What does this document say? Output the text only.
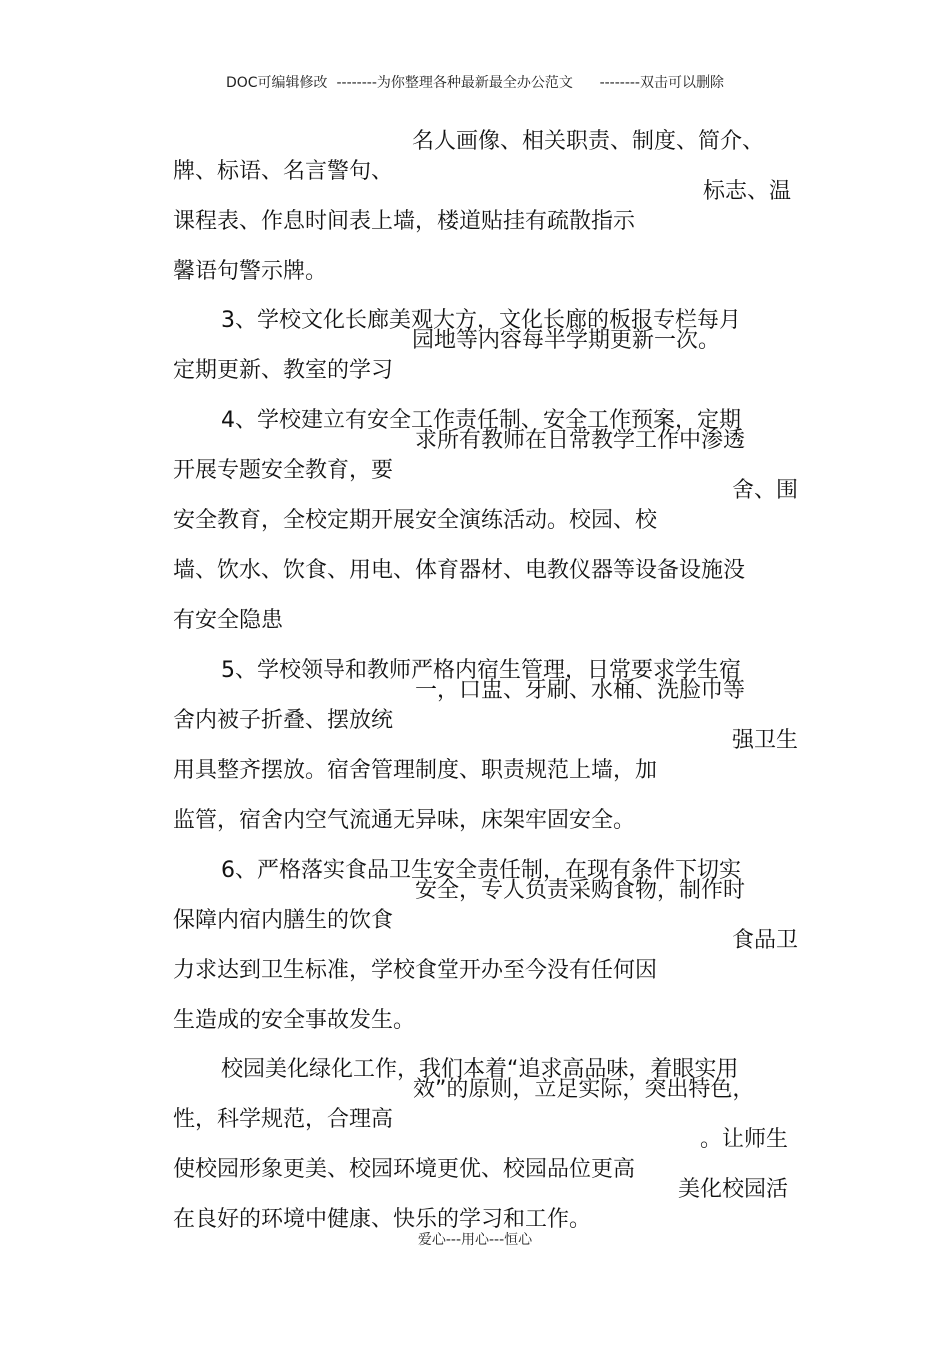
DOC可编辑修改  --------为你整理各种最新最全办公范文      --------双击可以删除

牌、标语、名言警句、
名人画像、相关职责、制度、简介、

课程表、作息时间表上墙，楼道贴挂有疏散指示
标志、温

馨语句警示牌。

3、学校文化长廊美观大方，文化长廊的板报专栏每月

定期更新、教室的学习
园地等内容每半学期更新一次。

4、学校建立有安全工作责任制、安全工作预案，定期

开展专题安全教育，要
求所有教师在日常教学工作中渗透

安全教育，全校定期开展安全演练活动。校园、校
舍、围

墙、饮水、饮食、用电、体育器材、电教仪器等设备设施没

有安全隐患

5、学校领导和教师严格内宿生管理，日常要求学生宿

舍内被子折叠、摆放统
一，口盅、牙刷、水桶、洗脸巾等

用具整齐摆放。宿舍管理制度、职责规范上墙，加
强卫生

监管，宿舍内空气流通无异味，床架牢固安全。

6、严格落实食品卫生安全责任制，在现有条件下切实

保障内宿内膳生的饮食
安全，专人负责采购食物，制作时

力求达到卫生标准，学校食堂开办至今没有任何因
食品卫

生造成的安全事故发生。

校园美化绿化工作，我们本着“追求高品味，着眼实用

性，科学规范，合理高
效”的原则，立足实际，突出特色，

使校园形象更美、校园环境更优、校园品位更高
。让师生

在良好的环境中健康、快乐的学习和工作。
美化校园活

爱心---用心---恒心
